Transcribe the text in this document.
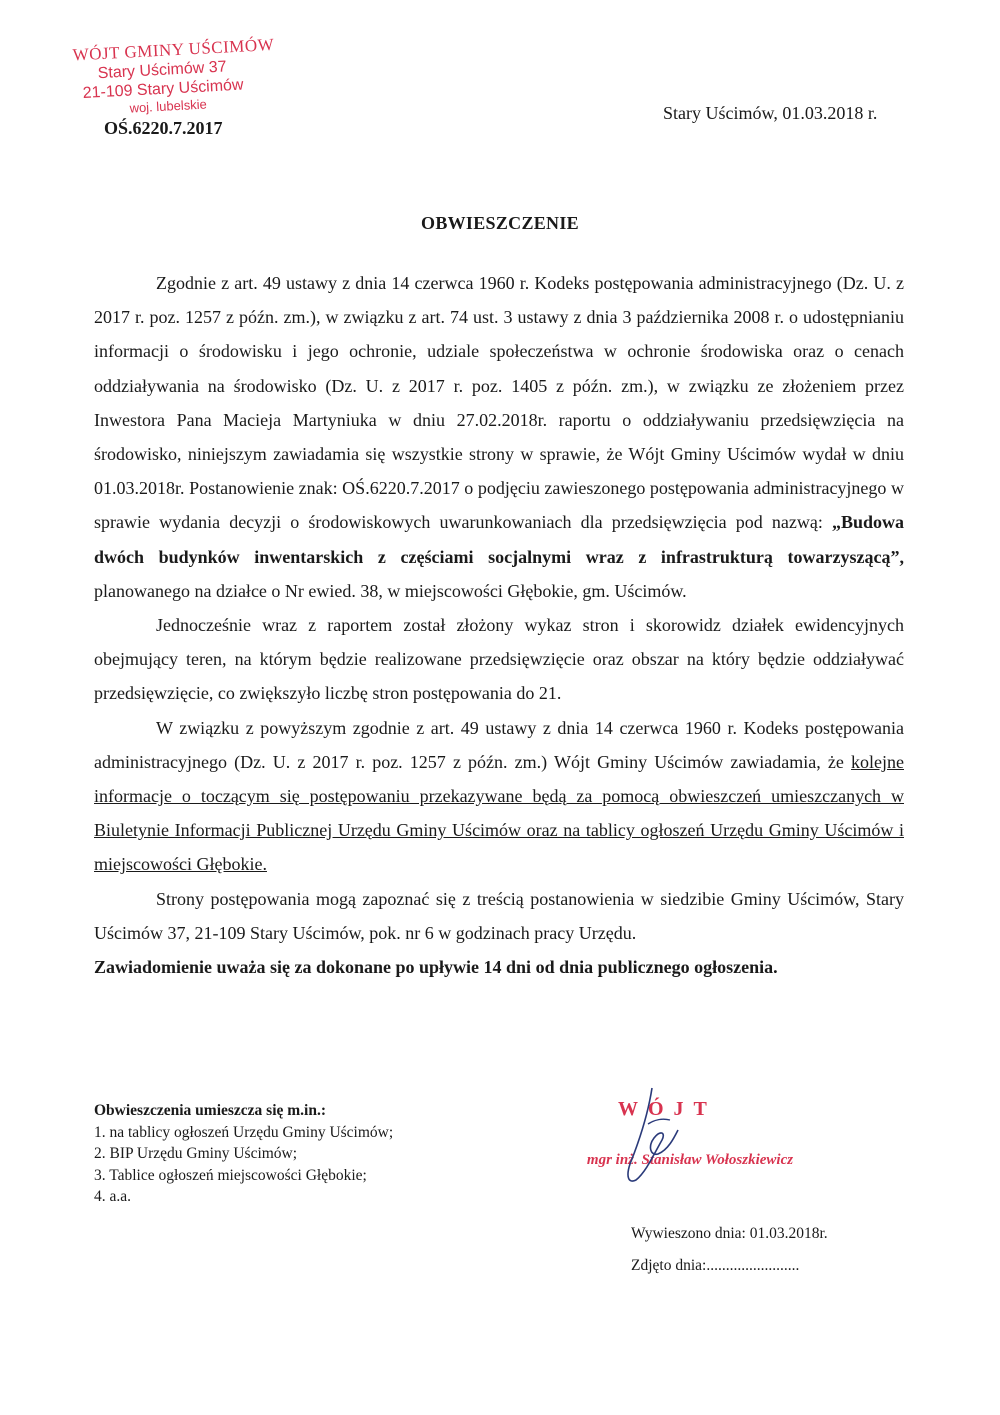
WÓJT GMINY UŚCIMÓW
Stary Uścimów 37
21-109 Stary Uścimów
woj. lubelskie
OŚ.6220.7.2017
Stary Uścimów, 01.03.2018 r.
OBWIESZCZENIE

Zgodnie z art. 49 ustawy z dnia 14 czerwca 1960 r. Kodeks postępowania administracyjnego (Dz. U. z 2017 r. poz. 1257 z późn. zm.), w związku z art. 74 ust. 3 ustawy z dnia 3 października 2008 r. o udostępnianiu informacji o środowisku i jego ochronie, udziale społeczeństwa w ochronie środowiska oraz o cenach oddziaływania na środowisko (Dz. U. z 2017 r. poz. 1405 z późn. zm.), w związku ze złożeniem przez Inwestora Pana Macieja Martyniuka w dniu 27.02.2018r. raportu o oddziaływaniu przedsięwzięcia na środowisko, niniejszym zawiadamia się wszystkie strony w sprawie, że Wójt Gminy Uścimów wydał w dniu 01.03.2018r. Postanowienie znak: OŚ.6220.7.2017 o podjęciu zawieszonego postępowania administracyjnego w sprawie wydania decyzji o środowiskowych uwarunkowaniach dla przedsięwzięcia pod nazwą: „Budowa dwóch budynków inwentarskich z częściami socjalnymi wraz z infrastrukturą towarzyszącą”, planowanego na działce o Nr ewied. 38, w miejscowości Głębokie, gm. Uścimów.

Jednocześnie wraz z raportem został złożony wykaz stron i skorowidz działek ewidencyjnych obejmujący teren, na którym będzie realizowane przedsięwzięcie oraz obszar na który będzie oddziaływać przedsięwzięcie, co zwiększyło liczbę stron postępowania do 21.

W związku z powyższym zgodnie z art. 49 ustawy z dnia 14 czerwca 1960 r. Kodeks postępowania administracyjnego (Dz. U. z 2017 r. poz. 1257 z późn. zm.) Wójt Gminy Uścimów zawiadamia, że kolejne informacje o toczącym się postępowaniu przekazywane będą za pomocą obwieszczeń umieszczanych w Biuletynie Informacji Publicznej Urzędu Gminy Uścimów oraz na tablicy ogłoszeń Urzędu Gminy Uścimów i miejscowości Głębokie.

Strony postępowania mogą zapoznać się z treścią postanowienia w siedzibie Gminy Uścimów, Stary Uścimów 37, 21-109 Stary Uścimów, pok. nr 6 w godzinach pracy Urzędu.

Zawiadomienie uważa się za dokonane po upływie 14 dni od dnia publicznego ogłoszenia.

Obwieszczenia umieszcza się m.in.:
1. na tablicy ogłoszeń Urzędu Gminy Uścimów;
2. BIP Urzędu Gminy Uścimów;
3. Tablice ogłoszeń miejscowości Głębokie;
4. a.a.
WÓJT
mgr inż. Stanisław Wołoszkiewicz
Wywieszono dnia: 01.03.2018r.
Zdjęto dnia:........................
